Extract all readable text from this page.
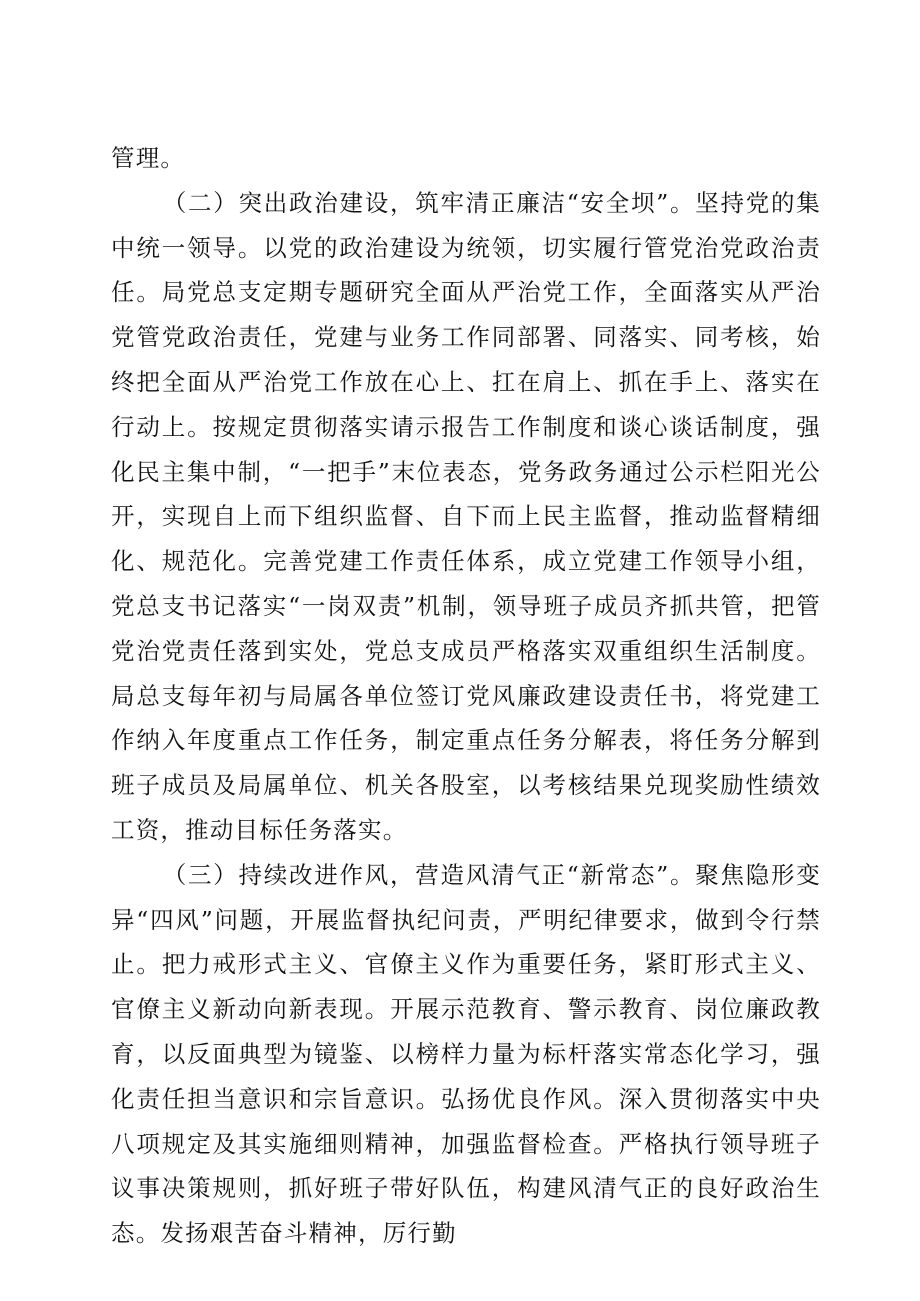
管理。

（二）突出政治建设，筑牢清正廉洁“安全坝”。坚持党的集中统一领导。以党的政治建设为统领，切实履行管党治党政治责任。局党总支定期专题研究全面从严治党工作，全面落实从严治党管党政治责任，党建与业务工作同部署、同落实、同考核，始终把全面从严治党工作放在心上、扛在肩上、抓在手上、落实在行动上。按规定贯彻落实请示报告工作制度和谈心谈话制度，强化民主集中制，“一把手”末位表态，党务政务通过公示栏阳光公开，实现自上而下组织监督、自下而上民主监督，推动监督精细化、规范化。完善党建工作责任体系，成立党建工作领导小组，党总支书记落实“一岗双责”机制，领导班子成员齐抓共管，把管党治党责任落到实处，党总支成员严格落实双重组织生活制度。局总支每年初与局属各单位签订党风廉政建设责任书，将党建工作纳入年度重点工作任务，制定重点任务分解表，将任务分解到班子成员及局属单位、机关各股室，以考核结果兑现奖励性绩效工资，推动目标任务落实。

（三）持续改进作风，营造风清气正“新常态”。聚焦隐形变异“四风”问题，开展监督执纪问责，严明纪律要求，做到令行禁止。把力戒形式主义、官僚主义作为重要任务，紧盯形式主义、官僚主义新动向新表现。开展示范教育、警示教育、岗位廉政教育，以反面典型为镜鉴、以榜样力量为标杆落实常态化学习，强化责任担当意识和宗旨意识。弘扬优良作风。深入贯彻落实中央八项规定及其实施细则精神，加强监督检查。严格执行领导班子议事决策规则，抓好班子带好队伍，构建风清气正的良好政治生态。发扬艰苦奋斗精神，厉行勤
